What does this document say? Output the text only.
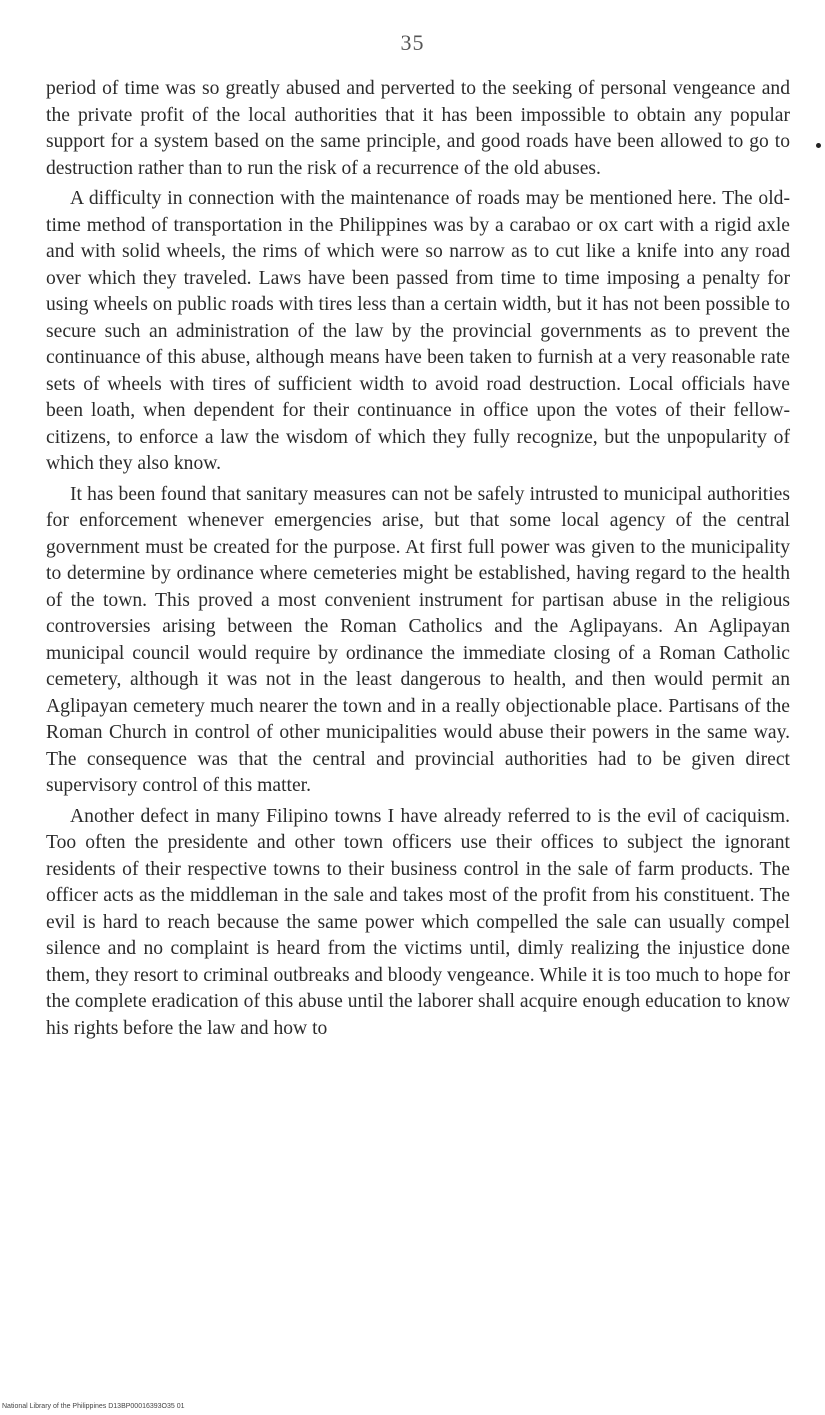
35

period of time was so greatly abused and perverted to the seeking of personal vengeance and the private profit of the local authorities that it has been impossible to obtain any popular support for a system based on the same principle, and good roads have been allowed to go to destruction rather than to run the risk of a recurrence of the old abuses.

A difficulty in connection with the maintenance of roads may be mentioned here. The old-time method of transportation in the Philippines was by a carabao or ox cart with a rigid axle and with solid wheels, the rims of which were so narrow as to cut like a knife into any road over which they traveled. Laws have been passed from time to time imposing a penalty for using wheels on public roads with tires less than a certain width, but it has not been possible to secure such an administration of the law by the provincial governments as to prevent the continuance of this abuse, although means have been taken to furnish at a very reasonable rate sets of wheels with tires of sufficient width to avoid road destruction. Local officials have been loath, when dependent for their continuance in office upon the votes of their fellow-citizens, to enforce a law the wisdom of which they fully recognize, but the unpopularity of which they also know.

It has been found that sanitary measures can not be safely intrusted to municipal authorities for enforcement whenever emergencies arise, but that some local agency of the central government must be created for the purpose. At first full power was given to the municipality to determine by ordinance where cemeteries might be established, having regard to the health of the town. This proved a most convenient instrument for partisan abuse in the religious controversies arising between the Roman Catholics and the Aglipayans. An Aglipayan municipal council would require by ordinance the immediate closing of a Roman Catholic cemetery, although it was not in the least dangerous to health, and then would permit an Aglipayan cemetery much nearer the town and in a really objectionable place. Partisans of the Roman Church in control of other municipalities would abuse their powers in the same way. The consequence was that the central and provincial authorities had to be given direct supervisory control of this matter.

Another defect in many Filipino towns I have already referred to is the evil of caciquism. Too often the presidente and other town officers use their offices to subject the ignorant residents of their respective towns to their business control in the sale of farm products. The officer acts as the middleman in the sale and takes most of the profit from his constituent. The evil is hard to reach because the same power which compelled the sale can usually compel silence and no complaint is heard from the victims until, dimly realizing the injustice done them, they resort to criminal outbreaks and bloody vengeance. While it is too much to hope for the complete eradication of this abuse until the laborer shall acquire enough education to know his rights before the law and how to

National Library of the Philippines D13BP00016393O35 01
